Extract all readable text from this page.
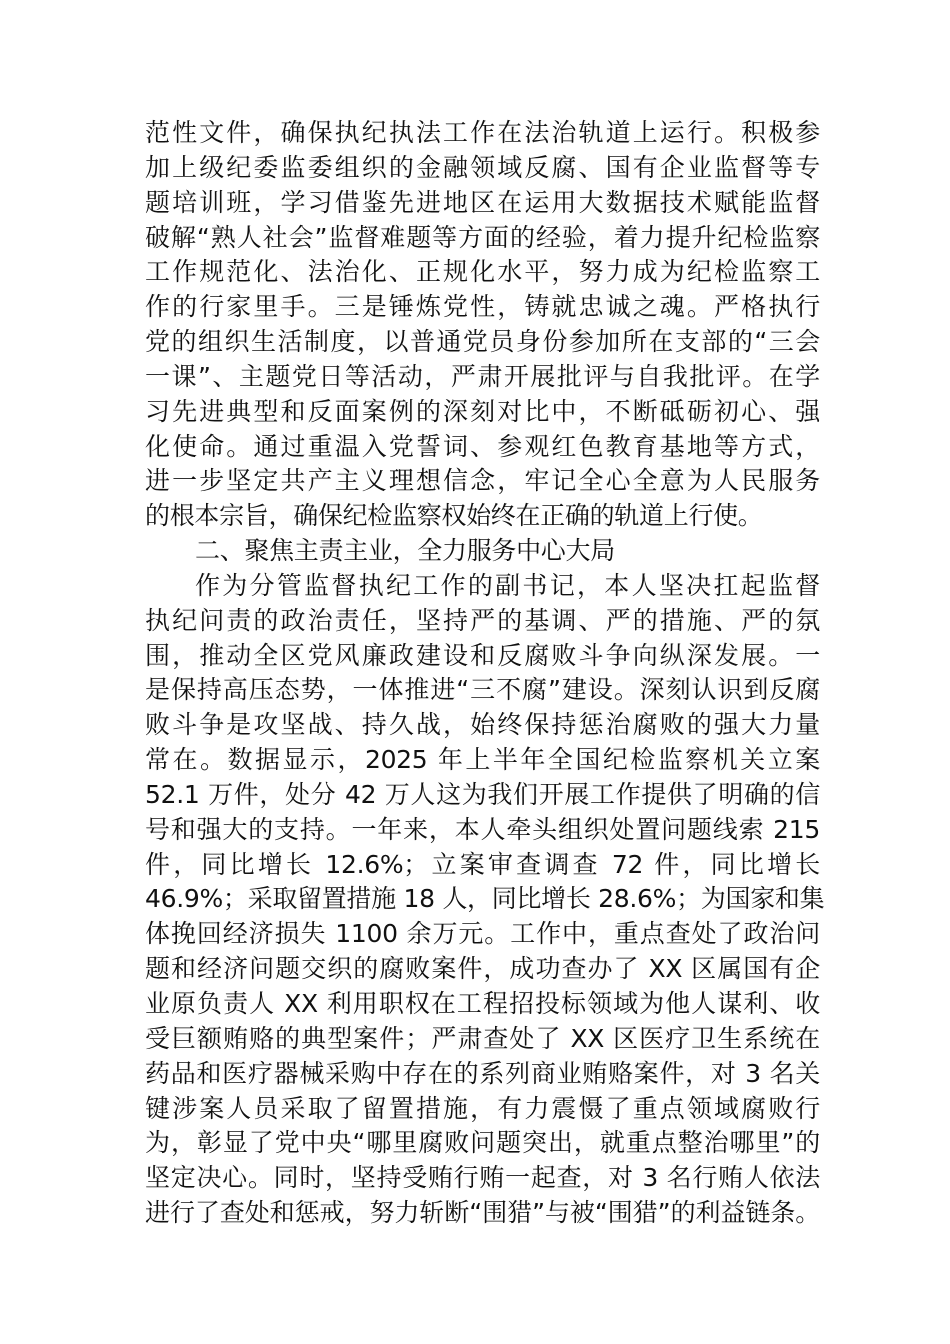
范性文件，确保执纪执法工作在法治轨道上运行。积极参
加上级纪委监委组织的金融领域反腐、国有企业监督等专
题培训班，学习借鉴先进地区在运用大数据技术赋能监督
破解“熟人社会”监督难题等方面的经验，着力提升纪检监察
工作规范化、法治化、正规化水平，努力成为纪检监察工
作的行家里手。三是锤炼党性，铸就忠诚之魂。严格执行
党的组织生活制度，以普通党员身份参加所在支部的“三会
一课”、主题党日等活动，严肃开展批评与自我批评。在学
习先进典型和反面案例的深刻对比中，不断砥砺初心、强
化使命。通过重温入党誓词、参观红色教育基地等方式，
进一步坚定共产主义理想信念，牢记全心全意为人民服务
的根本宗旨，确保纪检监察权始终在正确的轨道上行使。
二、聚焦主责主业，全力服务中心大局
作为分管监督执纪工作的副书记，本人坚决扛起监督
执纪问责的政治责任，坚持严的基调、严的措施、严的氛
围，推动全区党风廉政建设和反腐败斗争向纵深发展。一
是保持高压态势，一体推进“三不腐”建设。深刻认识到反腐
败斗争是攻坚战、持久战，始终保持惩治腐败的强大力量
常在。数据显示，2025 年上半年全国纪检监察机关立案
52.1 万件，处分 42 万人这为我们开展工作提供了明确的信
号和强大的支持。一年来，本人牵头组织处置问题线索 215
件，同比增长 12.6%；立案审查调查 72 件，同比增长
46.9%；采取留置措施 18 人，同比增长 28.6%；为国家和集
体挽回经济损失 1100 余万元。工作中，重点查处了政治问
题和经济问题交织的腐败案件，成功查办了 XX 区属国有企
业原负责人 XX 利用职权在工程招投标领域为他人谋利、收
受巨额贿赂的典型案件；严肃查处了 XX 区医疗卫生系统在
药品和医疗器械采购中存在的系列商业贿赂案件，对 3 名关
键涉案人员采取了留置措施，有力震慑了重点领域腐败行
为，彰显了党中央“哪里腐败问题突出，就重点整治哪里”的
坚定决心。同时，坚持受贿行贿一起查，对 3 名行贿人依法
进行了查处和惩戒，努力斩断“围猎”与被“围猎”的利益链条。
